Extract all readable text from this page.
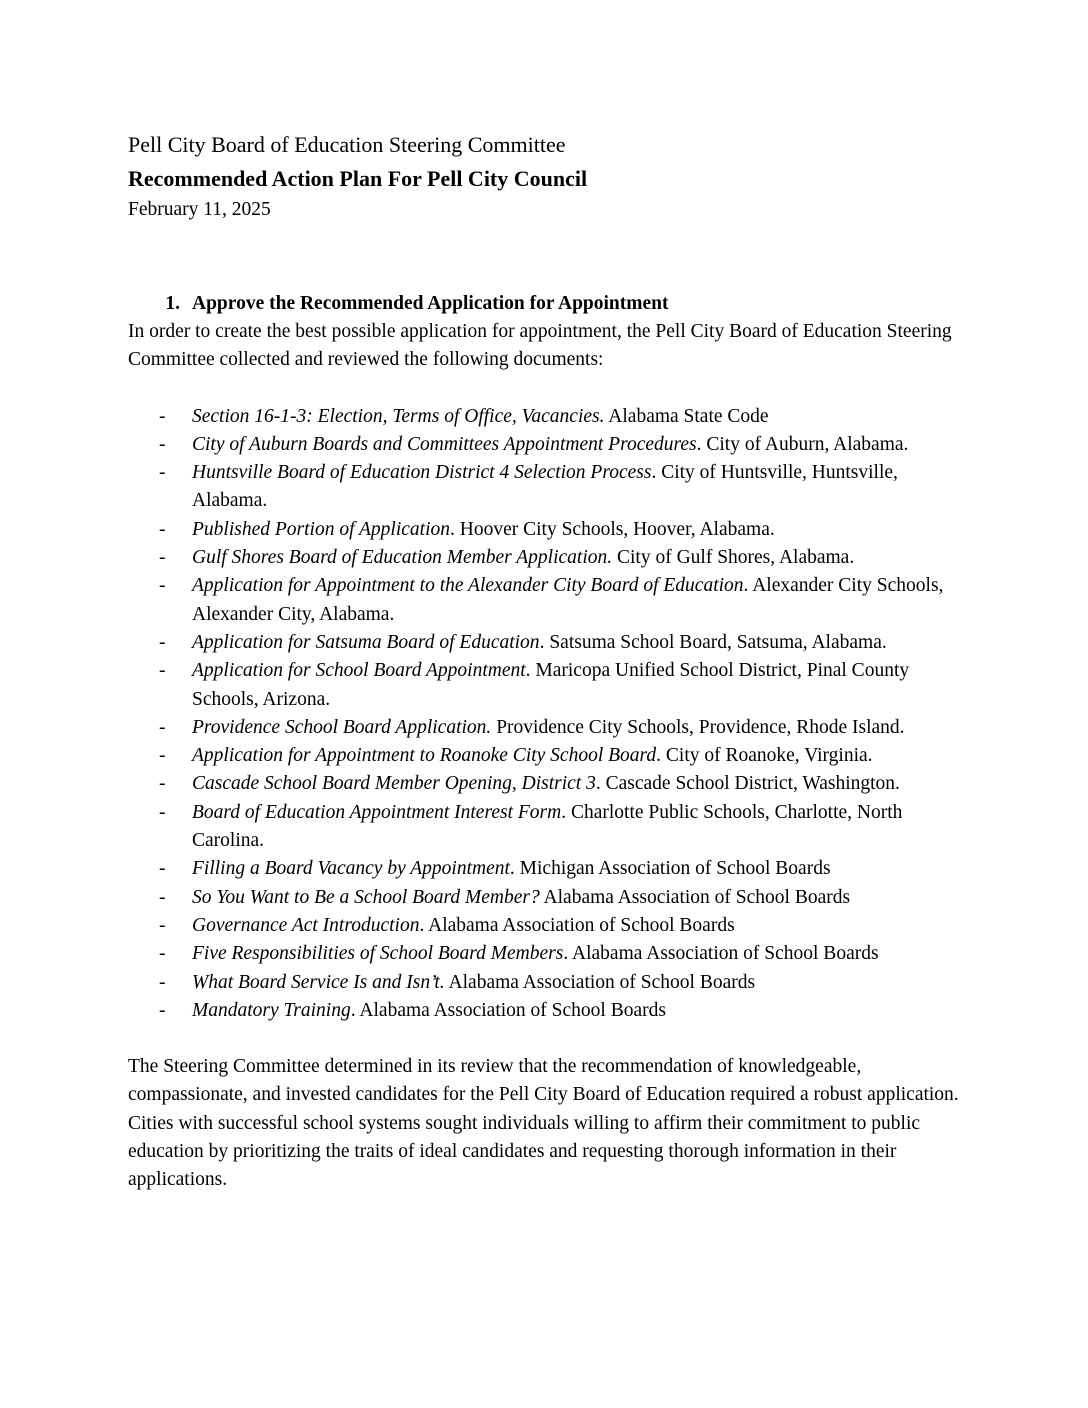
Pell City Board of Education Steering Committee

Recommended Action Plan For Pell City Council

February 11, 2025

1. Approve the Recommended Application for Appointment

In order to create the best possible application for appointment, the Pell City Board of Education Steering Committee collected and reviewed the following documents:

- Section 16-1-3: Election, Terms of Office, Vacancies. Alabama State Code
- City of Auburn Boards and Committees Appointment Procedures. City of Auburn, Alabama.
- Huntsville Board of Education District 4 Selection Process. City of Huntsville, Huntsville, Alabama.
- Published Portion of Application. Hoover City Schools, Hoover, Alabama.
- Gulf Shores Board of Education Member Application. City of Gulf Shores, Alabama.
- Application for Appointment to the Alexander City Board of Education. Alexander City Schools, Alexander City, Alabama.
- Application for Satsuma Board of Education. Satsuma School Board, Satsuma, Alabama.
- Application for School Board Appointment. Maricopa Unified School District, Pinal County Schools, Arizona.
- Providence School Board Application. Providence City Schools, Providence, Rhode Island.
- Application for Appointment to Roanoke City School Board. City of Roanoke, Virginia.
- Cascade School Board Member Opening, District 3. Cascade School District, Washington.
- Board of Education Appointment Interest Form. Charlotte Public Schools, Charlotte, North Carolina.
- Filling a Board Vacancy by Appointment. Michigan Association of School Boards
- So You Want to Be a School Board Member? Alabama Association of School Boards
- Governance Act Introduction. Alabama Association of School Boards
- Five Responsibilities of School Board Members. Alabama Association of School Boards
- What Board Service Is and Isn’t. Alabama Association of School Boards
- Mandatory Training. Alabama Association of School Boards

The Steering Committee determined in its review that the recommendation of knowledgeable, compassionate, and invested candidates for the Pell City Board of Education required a robust application. Cities with successful school systems sought individuals willing to affirm their commitment to public education by prioritizing the traits of ideal candidates and requesting thorough information in their applications.
